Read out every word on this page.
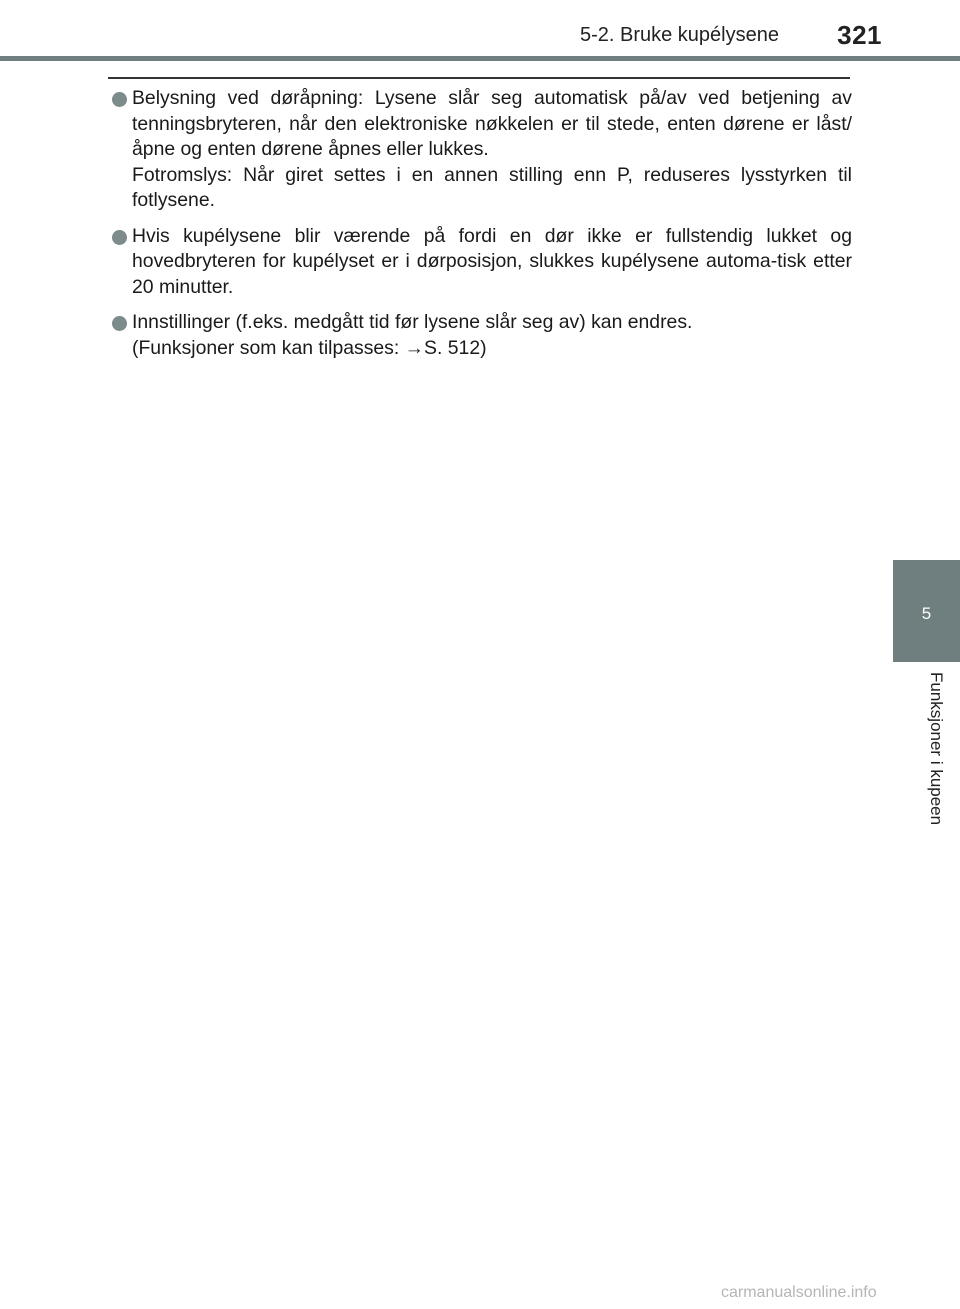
5-2. Bruke kupélysene 321

Belysning ved døråpning: Lysene slår seg automatisk på/av ved betjening av tenningsbryteren, når den elektroniske nøkkelen er til stede, enten dørene er låst/åpne og enten dørene åpnes eller lukkes.

Fotromslys: Når giret settes i en annen stilling enn P, reduseres lysstyrken til fotlysene.

Hvis kupélysene blir værende på fordi en dør ikke er fullstendig lukket og hovedbryteren for kupélyset er i dørposisjon, slukkes kupélysene automa-tisk etter 20 minutter.

Innstillinger (f.eks. medgått tid før lysene slår seg av) kan endres.

(Funksjoner som kan tilpasses: →S. 512)

5
Funksjoner i kupeen
carmanualsonline.info
